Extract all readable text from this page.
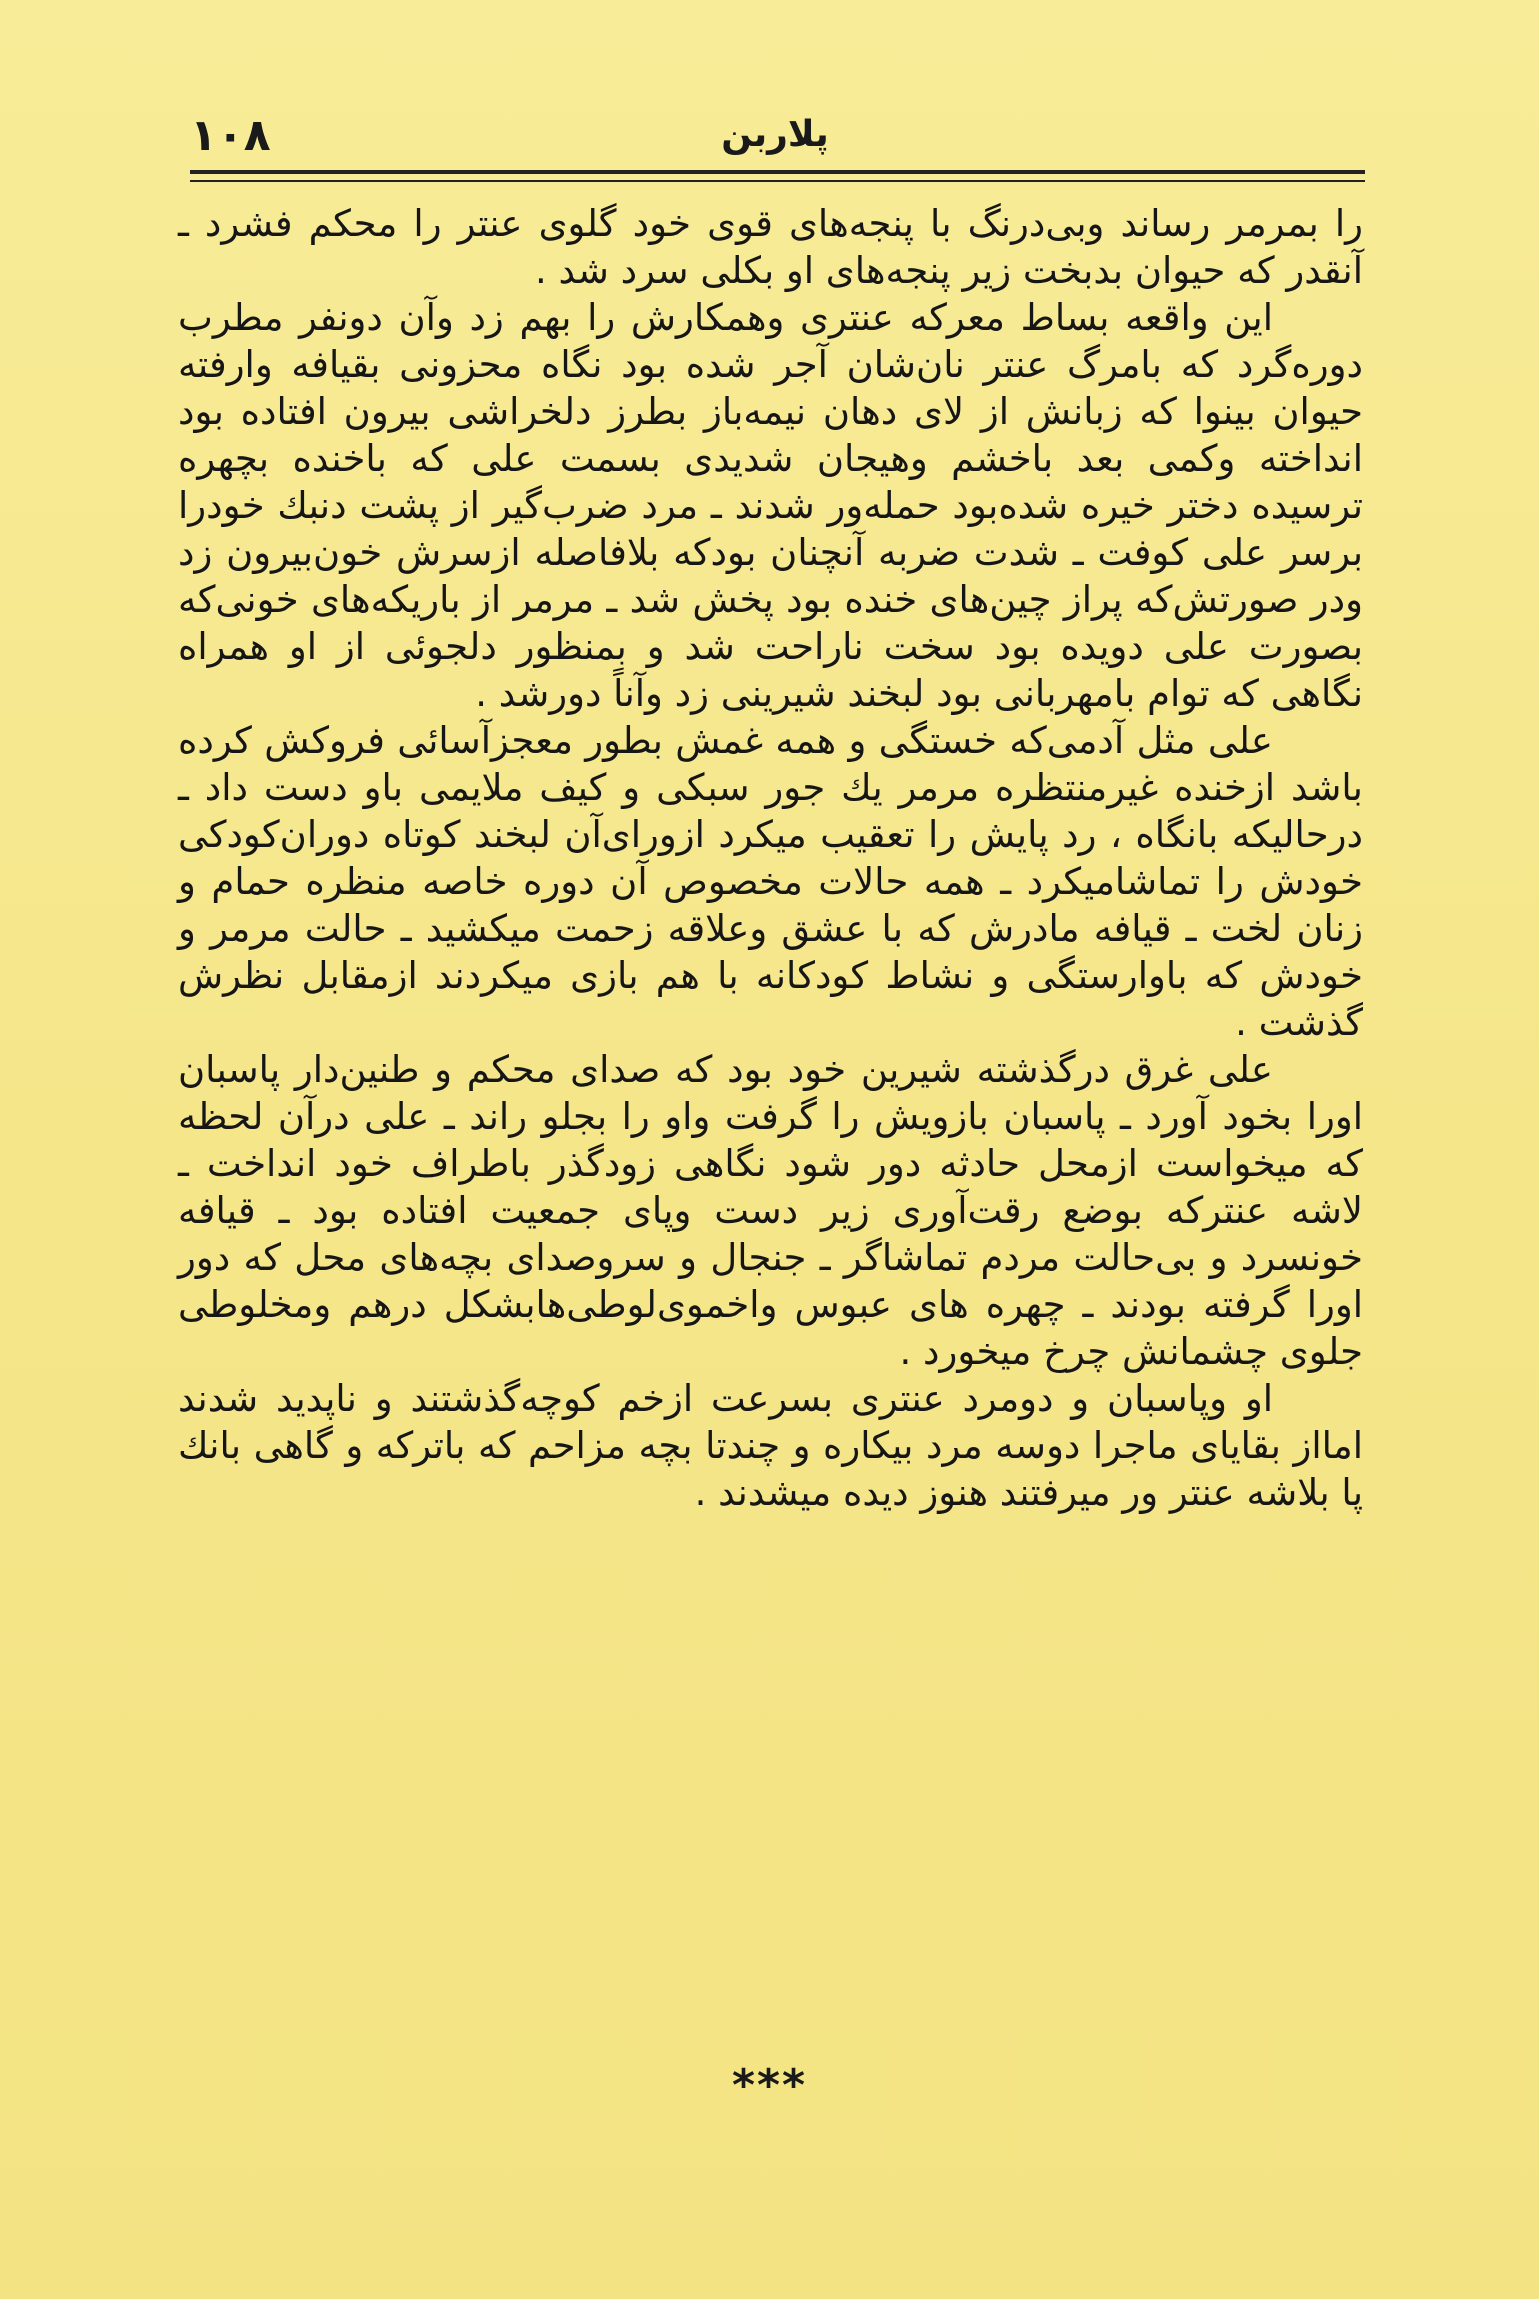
۱۰۸	پلاربن

را بمرمر رساند وبی‌درنگ با پنجه‌های قوی خود گلوی عنتر را محکم فشرد ـ آنقدر که حیوان بدبخت زیر پنجه‌های او بکلی سرد شد .

این واقعه بساط معرکه عنتری وهمکارش را بهم زد وآن دونفر مطرب دوره‌گرد که بامرگ عنتر نان‌شان آجر شده بود نگاه محزونی بقیافه وارفته حیوان بینوا که زبانش از لای دهان نیمه‌باز بطرز دلخراشی بیرون افتاده بود انداخته وکمی بعد باخشم وهیجان شدیدی بسمت علی که باخنده بچهره ترسیده دختر خیره شده‌بود حمله‌ور شدند ـ مرد ضرب‌گیر از پشت دنبك خودرا برسر علی کوفت ـ شدت ضربه آنچنان بودکه بلافاصله ازسرش خون‌بیرون زد ودر صورتش‌که پراز چین‌های خنده بود پخش شد ـ مرمر از باریکه‌های خونی‌که بصورت علی دویده بود سخت ناراحت شد و بمنظور دلجوئی از او همراه نگاهی که توام بامهربانی بود لبخند شیرینی زد وآناً دورشد .

علی مثل آدمی‌که خستگی و همه غمش بطور معجزآسائی فروکش کرده باشد ازخنده غیرمنتظره مرمر یك جور سبکی و کیف ملایمی باو دست داد ـ درحالیکه بانگاه ، رد پایش را تعقیب میکرد ازورای‌آن لبخند کوتاه دوران‌کودکی خودش را تماشامیکرد ـ همه حالات مخصوص آن دوره خاصه منظره حمام و زنان لخت ـ قیافه مادرش که با عشق وعلاقه زحمت میکشید ـ حالت مرمر و خودش که باوارستگی و نشاط کودکانه با هم بازی میکردند ازمقابل نظرش گذشت .

علی غرق درگذشته شیرین خود بود که صدای محکم و طنین‌دار پاسبان اورا بخود آورد ـ پاسبان بازویش را گرفت واو را بجلو راند ـ علی درآن لحظه که میخواست ازمحل حادثه دور شود نگاهی زودگذر باطراف خود انداخت ـ لاشه عنترکه بوضع رقت‌آوری زیر دست وپای جمعیت افتاده بود ـ قیافه خونسرد و بی‌حالت مردم تماشاگر ـ جنجال و سروصدای بچه‌های محل که دور اورا گرفته بودند ـ چهره های عبوس واخموی‌لوطی‌هابشکل درهم ومخلوطی جلوی چشمانش چرخ میخورد .

او وپاسبان و دومرد عنتری بسرعت ازخم کوچه‌گذشتند و ناپدید شدند امااز بقایای ماجرا دوسه مرد بیکاره و چندتا بچه مزاحم که باترکه و گاهی بانك پا بلاشه عنتر ور میرفتند هنوز دیده میشدند .

***
